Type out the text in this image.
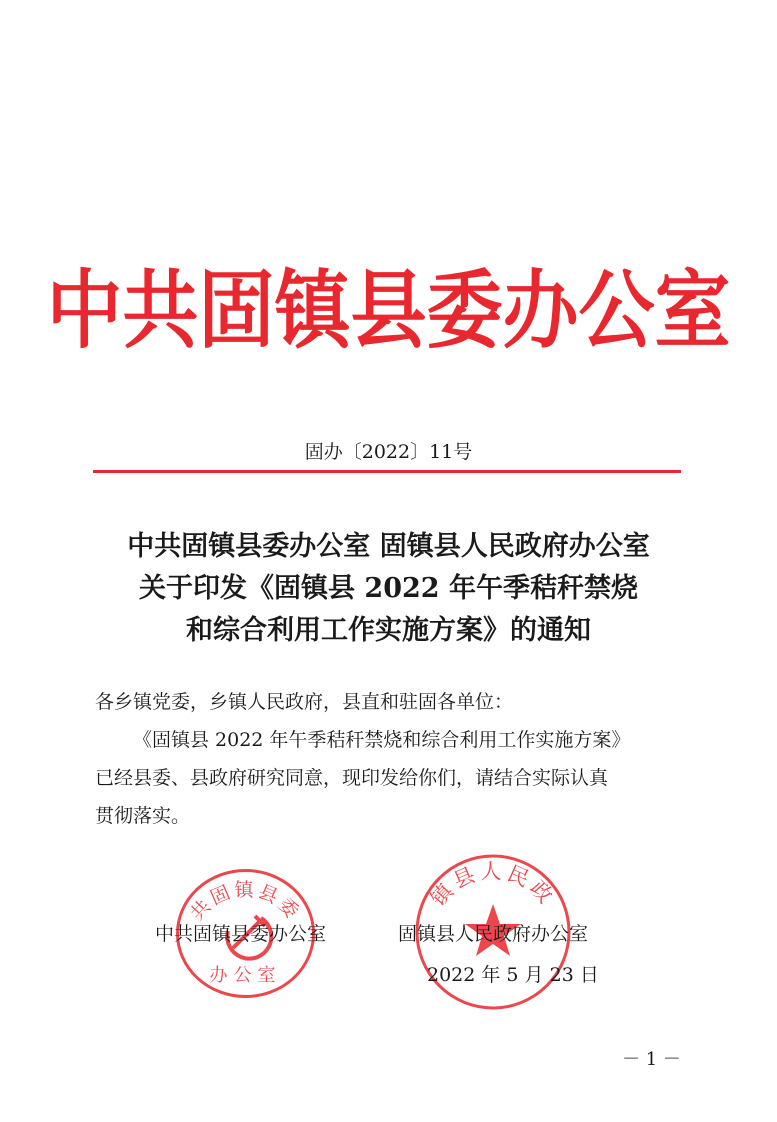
中共固镇县委办公室
固办〔2022〕11号
中共固镇县委办公室 固镇县人民政府办公室
关于印发《固镇县 2022 年午季秸秆禁烧
和综合利用工作实施方案》的通知
各乡镇党委，乡镇人民政府，县直和驻固各单位：
《固镇县 2022 年午季秸秆禁烧和综合利用工作实施方案》
已经县委、县政府研究同意，现印发给你们，请结合实际认真
贯彻落实。
共固镇县委
办公室
镇县人民政
中共固镇县委办公室	固镇县人民政府办公室
2022 年 5 月 23 日
－ 1 －
